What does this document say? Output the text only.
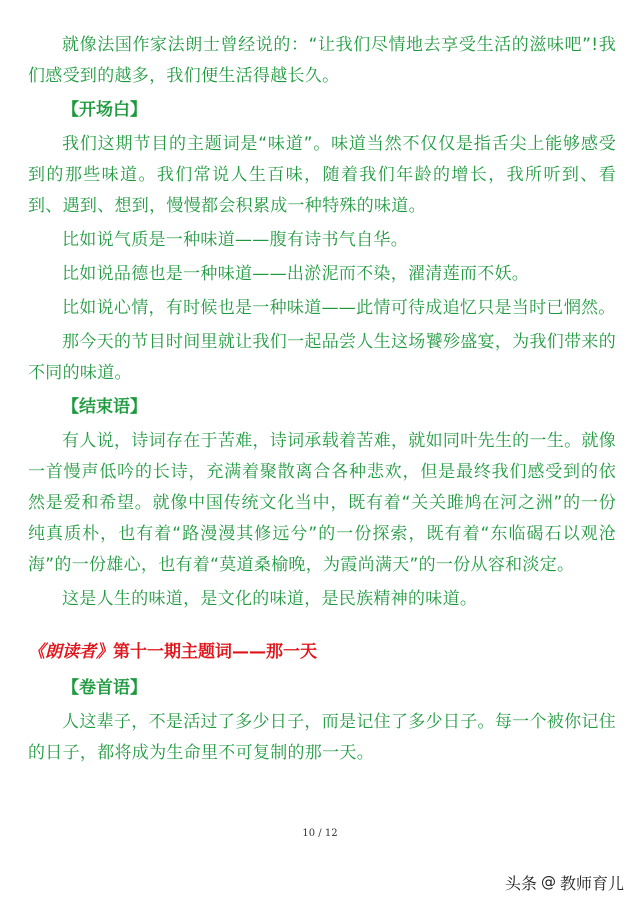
就像法国作家法朗士曾经说的：“让我们尽情地去享受生活的滋味吧”!我们感受到的越多，我们便生活得越长久。

【开场白】

我们这期节目的主题词是“味道”。味道当然不仅仅是指舌尖上能够感受到的那些味道。我们常说人生百味，随着我们年龄的增长，我所听到、看到、遇到、想到，慢慢都会积累成一种特殊的味道。

比如说气质是一种味道——腹有诗书气自华。

比如说品德也是一种味道——出淤泥而不染，濯清莲而不妖。

比如说心情，有时候也是一种味道——此情可待成追忆只是当时已惘然。

那今天的节目时间里就让我们一起品尝人生这场饕殄盛宴，为我们带来的不同的味道。

【结束语】

有人说，诗词存在于苦难，诗词承载着苦难，就如同叶先生的一生。就像一首慢声低吟的长诗，充满着聚散离合各种悲欢，但是最终我们感受到的依然是爱和希望。就像中国传统文化当中，既有着“关关雎鸠在河之洲”的一份纯真质朴，也有着“路漫漫其修远兮”的一份探索，既有着“东临碣石以观沧海”的一份雄心，也有着“莫道桑榆晚，为霞尚满天”的一份从容和淡定。

这是人生的味道，是文化的味道，是民族精神的味道。

《朗读者》第十一期主题词——那一天
【卷首语】

人这辈子，不是活过了多少日子，而是记住了多少日子。每一个被你记住的日子，都将成为生命里不可复制的那一天。

10 / 12
头条 @ 教师育儿
